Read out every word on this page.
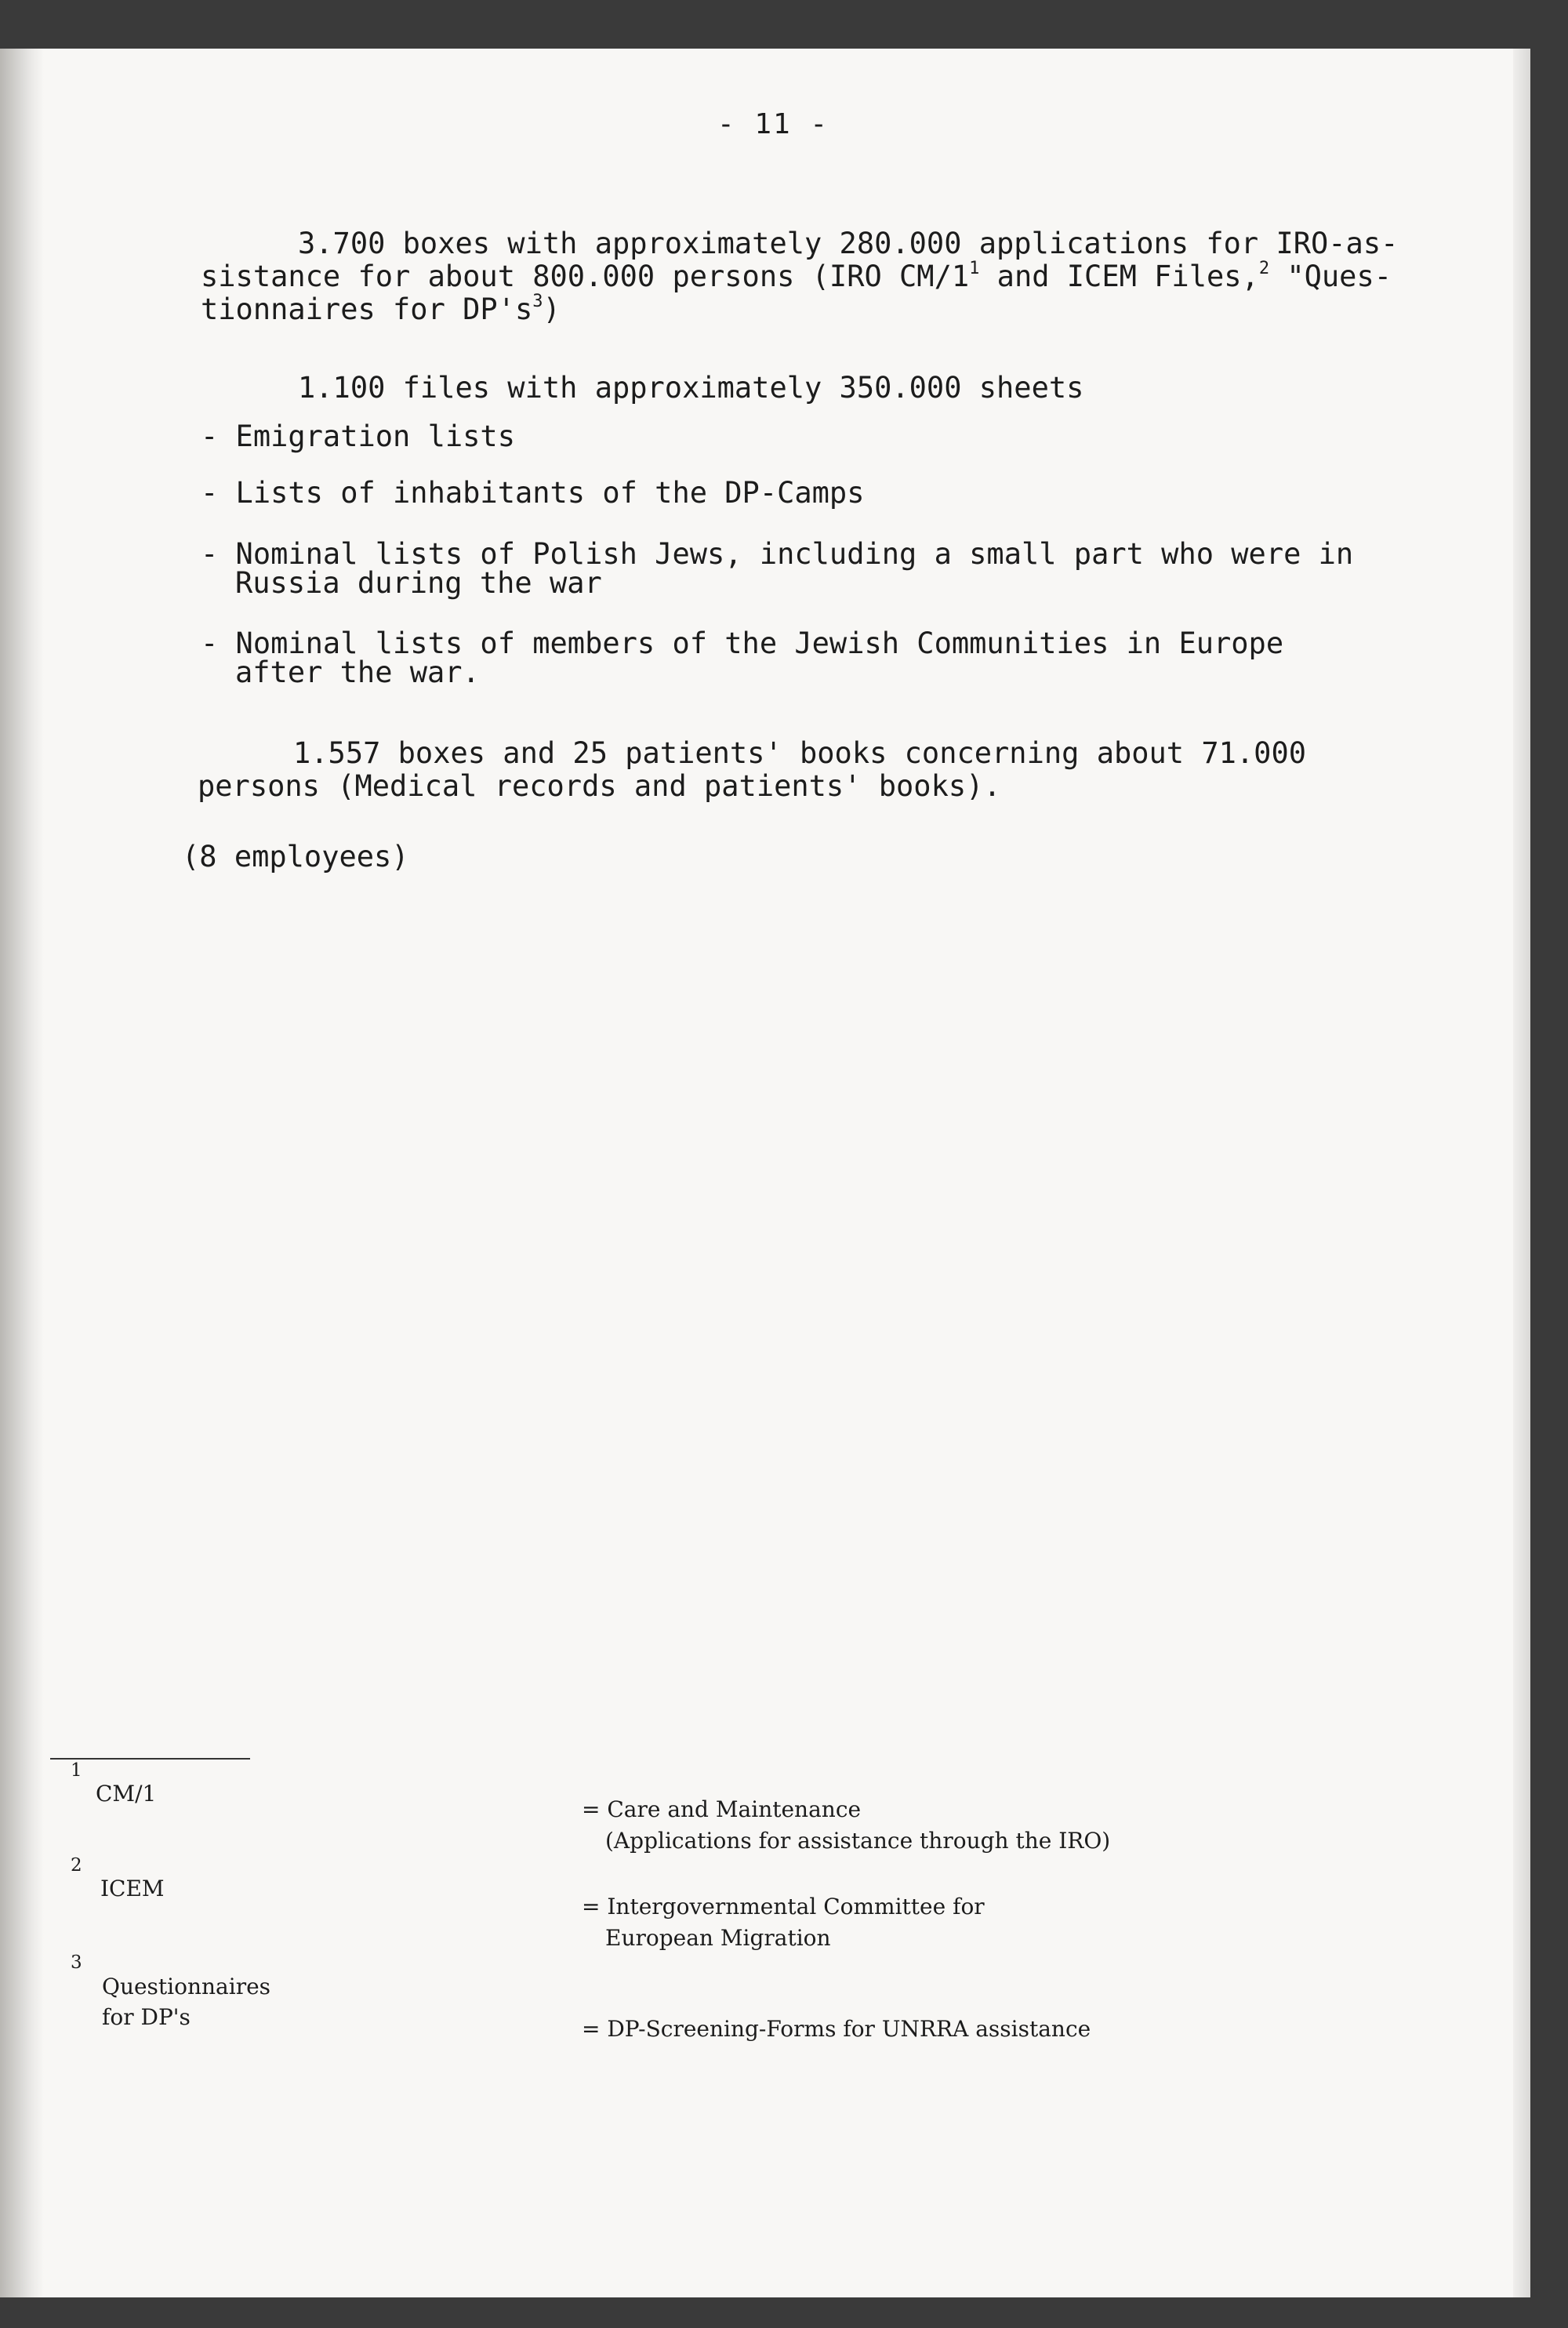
- 11 -
3.700 boxes with approximately 280.000 applications for IRO-as-
sistance for about 800.000 persons (IRO $CM/1^1$ and ICEM Files,$^2$ "Ques-
tionnaires for $DP's^3$)
1.100 files with approximately 350.000 sheets
- Emigration lists
- Lists of inhabitants of the DP-Camps
- Nominal lists of Polish Jews, including a small part who were in
Russia during the war
- Nominal lists of members of the Jewish Communities in Europe
after the war.
1.557 boxes and 25 patients' books concerning about 71.000
persons (Medical records and patients' books).
(8 employees)
1
CM/1
= Care and Maintenance
(Applications for assistance through the IRO)
2
ICEM
= Intergovernmental Committee for
European Migration
3
Questionnaires
for DP's	= DP-Screening-Forms for UNRRA assistance
